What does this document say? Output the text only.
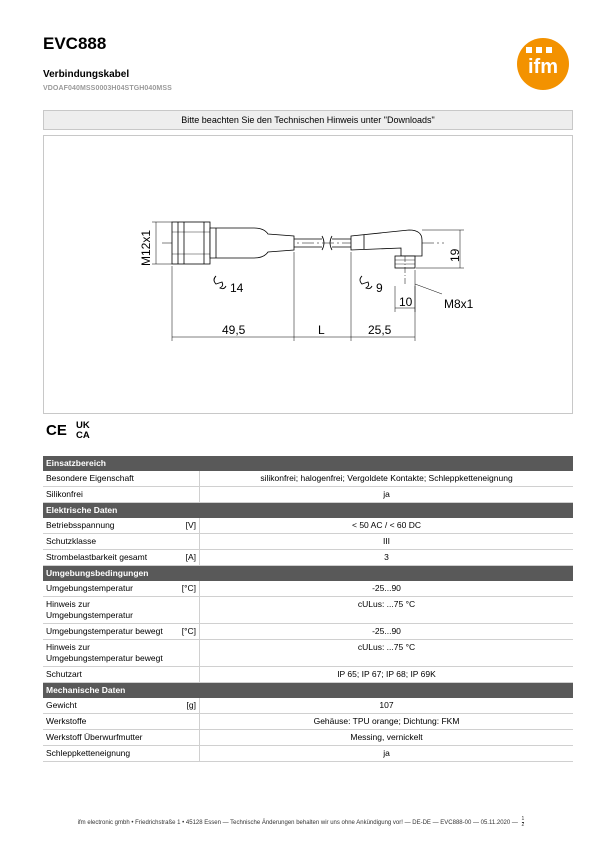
EVC888
Verbindungskabel
VDOAF040MSS0003H04STGH040MSS
ifm
Bitte beachten Sie den Technischen Hinweis unter "Downloads"
M12x1	19
14	9
10	M8x1
49,5	L	25,5
CE UK
CA
Einsatzbereich		
Besondere Eigenschaft		silikonfrei; halogenfrei; Vergoldete Kontakte; Schleppketteneignung
Silikonfrei		ja
Elektrische Daten		
Betriebsspannung	[V]	< 50 AC / < 60 DC
Schutzklasse		III
Strombelastbarkeit gesamt	[A]	3
Umgebungsbedingungen		
Umgebungstemperatur	[°C]	-25...90
Hinweis zur Umgebungstemperatur		cULus: ...75 °C
Umgebungstemperatur bewegt	[°C]	-25...90
Hinweis zur Umgebungstemperatur bewegt		cULus: ...75 °C
Schutzart		IP 65; IP 67; IP 68; IP 69K
Mechanische Daten		
Gewicht	[g]	107
Werkstoffe		Gehäuse: TPU orange; Dichtung: FKM
Werkstoff Überwurfmutter		Messing, vernickelt
Schleppketteneignung		ja
ifm electronic gmbh • Friedrichstraße 1 • 45128 Essen — Technische Änderungen behalten wir uns ohne Ankündigung vor! — DE-DE — EVC888-00 — 05.11.2020 — $\frac{1}{2}$
